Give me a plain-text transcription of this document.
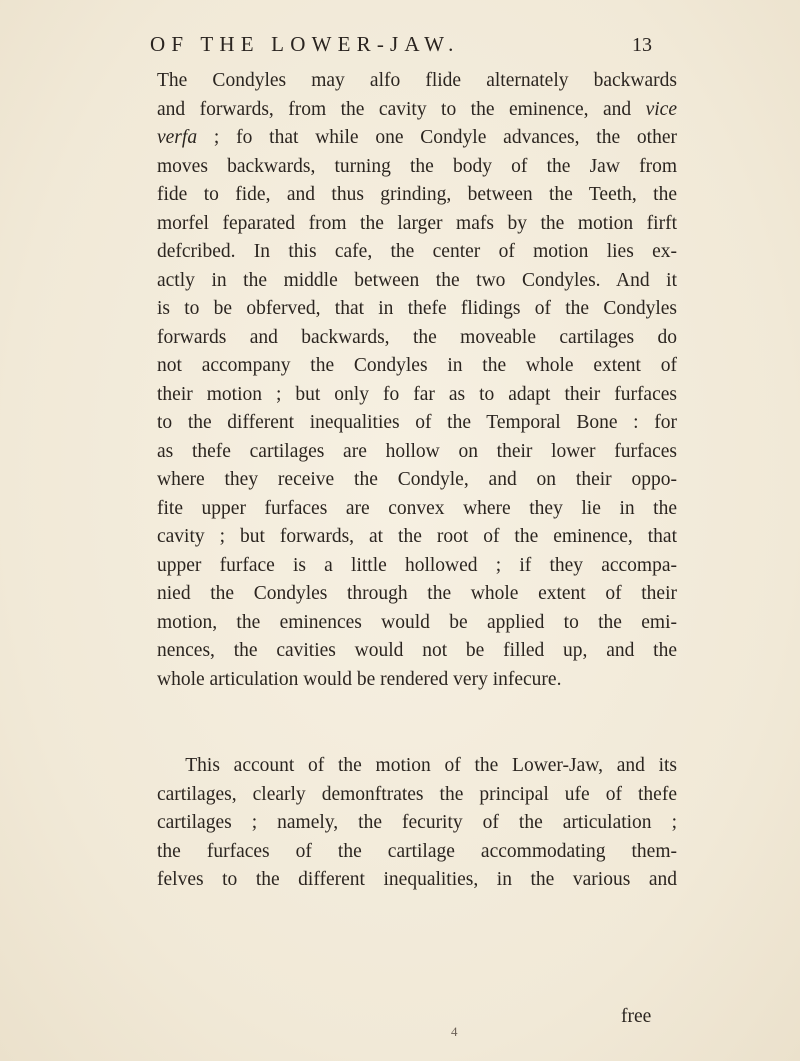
OF THE LOWER-JAW.	13

The Condyles may alfo flide alternately backwards
and forwards, from the cavity to the eminence, and vice
verfa ; fo that while one Condyle advances, the other
moves backwards, turning the body of the Jaw from
fide to fide, and thus grinding, between the Teeth, the
morfel feparated from the larger mafs by the motion firft
defcribed. In this cafe, the center of motion lies ex-
actly in the middle between the two Condyles. And it
is to be obferved, that in thefe flidings of the Condyles
forwards and backwards, the moveable cartilages do
not accompany the Condyles in the whole extent of
their motion ; but only fo far as to adapt their furfaces
to the different inequalities of the Temporal Bone : for
as thefe cartilages are hollow on their lower furfaces
where they receive the Condyle, and on their oppo-
fite upper furfaces are convex where they lie in the
cavity ; but forwards, at the root of the eminence, that
upper furface is a little hollowed ; if they accompa-
nied the Condyles through the whole extent of their
motion, the eminences would be applied to the emi-
nences, the cavities would not be filled up, and the
whole articulation would be rendered very infecure.

This account of the motion of the Lower-Jaw, and its
cartilages, clearly demonftrates the principal ufe of thefe
cartilages ; namely, the fecurity of the articulation ;
the furfaces of the cartilage accommodating them-
felves to the different inequalities, in the various and

free
4
